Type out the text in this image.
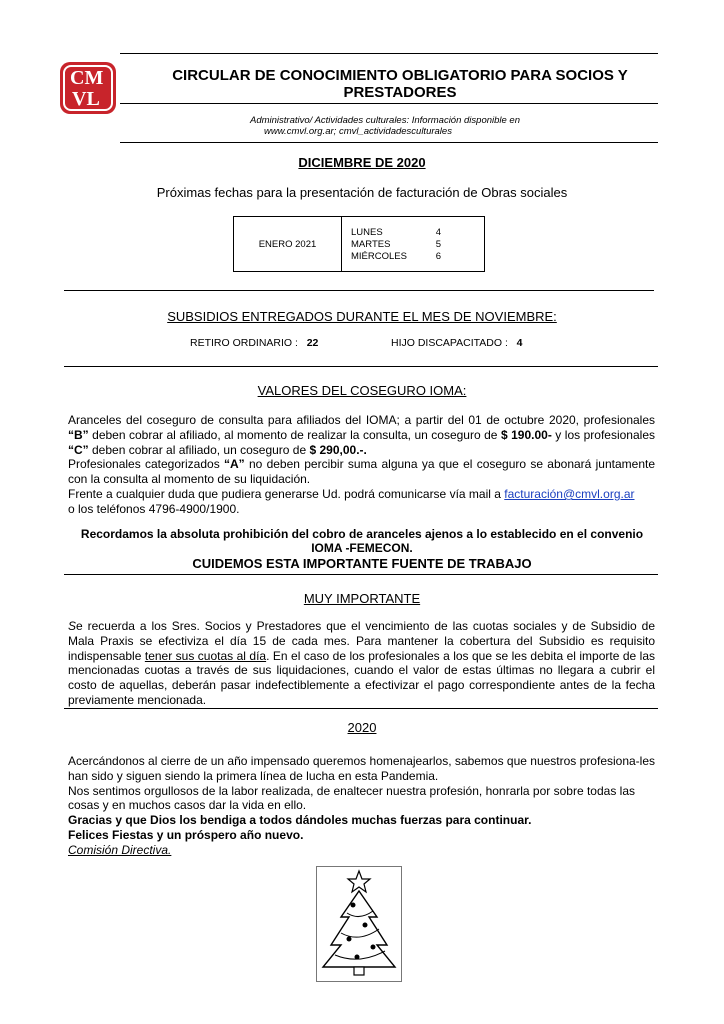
CM
VL
CIRCULAR DE CONOCIMIENTO OBLIGATORIO PARA SOCIOS Y
PRESTADORES
Administrativo/ Actividades culturales: Información disponible en
www.cmvl.org.ar; cmvl_actividadesculturales
DICIEMBRE DE 2020
Próximas fechas para la presentación de facturación de Obras sociales
ENERO 2021
LUNES	4
MARTES	5
MIÉRCOLES	6
SUBSIDIOS ENTREGADOS DURANTE EL MES DE NOVIEMBRE:
RETIRO ORDINARIO : 22	HIJO DISCAPACITADO : 4
VALORES DEL COSEGURO IOMA:

Aranceles del coseguro de consulta para afiliados del IOMA; a partir del 01 de octubre 2020, profesionales “B” deben cobrar al afiliado, al momento de realizar la consulta, un coseguro de $ 190.00- y los profesionales “C” deben cobrar al afiliado, un coseguro de $ 290,00.-.

Profesionales categorizados “A” no deben percibir suma alguna ya que el coseguro se abonará juntamente con la consulta al momento de su liquidación.

Frente a cualquier duda que pudiera generarse Ud. podrá comunicarse vía mail a facturación@cmvl.org.ar
o los teléfonos 4796-4900/1900.

Recordamos la absoluta prohibición del cobro de aranceles ajenos a lo establecido en el convenio
IOMA -FEMECON.
CUIDEMOS ESTA IMPORTANTE FUENTE DE TRABAJO
MUY IMPORTANTE

Se recuerda a los Sres. Socios y Prestadores que el vencimiento de las cuotas sociales y de Subsidio de Mala Praxis se efectiviza el día 15 de cada mes. Para mantener la cobertura del Subsidio es requisito indispensable tener sus cuotas al día. En el caso de los profesionales a los que se les debita el importe de las mencionadas cuotas a través de sus liquidaciones, cuando el valor de estas últimas no llegara a cubrir el costo de aquellas, deberán pasar indefectiblemente a efectivizar el pago correspondiente antes de la fecha previamente mencionada.

2020

Acercándonos al cierre de un año impensado queremos homenajearlos, sabemos que nuestros profesiona-les han sido y siguen siendo la primera línea de lucha en esta Pandemia.

Nos sentimos orgullosos de la labor realizada, de enaltecer nuestra profesión, honrarla por sobre todas las cosas y en muchos casos dar la vida en ello.

Gracias y que Dios los bendiga a todos dándoles muchas fuerzas para continuar.

Felices Fiestas y un próspero año nuevo.

Comisión Directiva.
